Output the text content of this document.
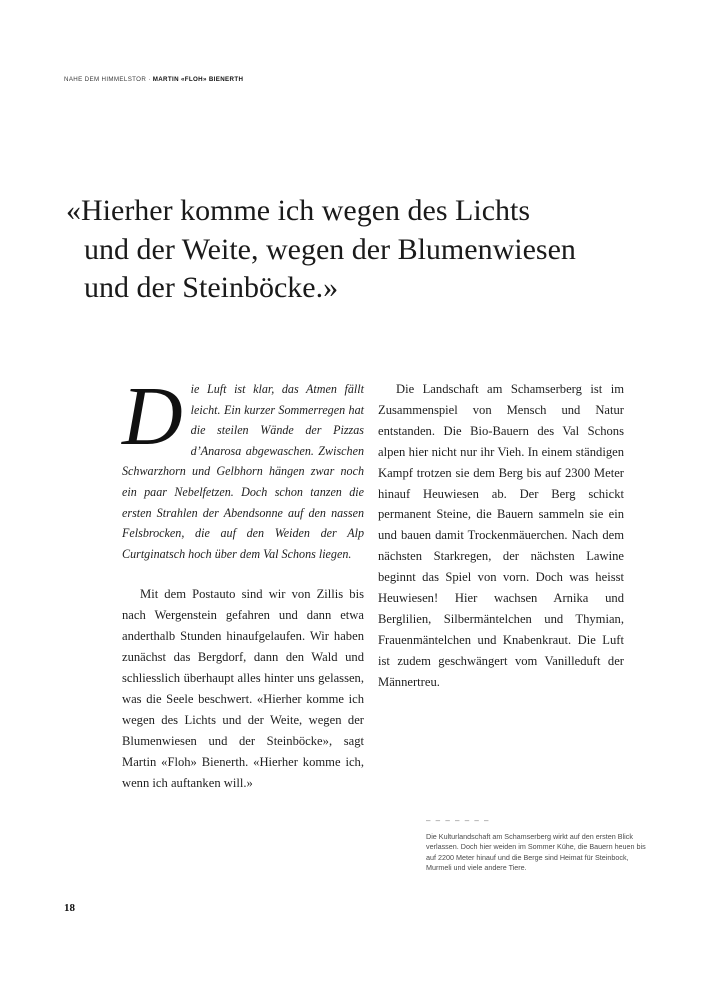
NAHE DEM HIMMELSTOR · MARTIN «FLOH» BIENERTH
«Hierher komme ich wegen des Lichts
und der Weite, wegen der Blumenwiesen
und der Steinböcke.»

Die Luft ist klar, das Atmen fällt leicht. Ein kurzer Sommerregen hat die steilen Wände der Pizzas d’Anarosa abgewaschen. Zwischen Schwarzhorn und Gelbhorn hängen zwar noch ein paar Nebelfetzen. Doch schon tanzen die ersten Strahlen der Abendsonne auf den nassen Felsbrocken, die auf den Weiden der Alp Curtginatsch hoch über dem Val Schons liegen.

Mit dem Postauto sind wir von Zillis bis nach Wergenstein gefahren und dann etwa anderthalb Stunden hinaufgelaufen. Wir haben zunächst das Bergdorf, dann den Wald und schliesslich überhaupt alles hinter uns gelassen, was die Seele beschwert. «Hierher komme ich wegen des Lichts und der Weite, wegen der Blumenwiesen und der Steinböcke», sagt Martin «Floh» Bienerth. «Hierher komme ich, wenn ich auftanken will.»

Die Landschaft am Schamserberg ist im Zusammenspiel von Mensch und Natur entstanden. Die Bio-Bauern des Val Schons alpen hier nicht nur ihr Vieh. In einem ständigen Kampf trotzen sie dem Berg bis auf 2300 Meter hinauf Heuwiesen ab. Der Berg schickt permanent Steine, die Bauern sammeln sie ein und bauen damit Trockenmäuerchen. Nach dem nächsten Starkregen, der nächsten Lawine beginnt das Spiel von vorn. Doch was heisst Heuwiesen! Hier wachsen Arnika und Berglilien, Silbermäntelchen und Thymian, Frauenmäntelchen und Knabenkraut. Die Luft ist zudem geschwängert vom Vanilleduft der Männertreu.

– – – – – – –
Die Kulturlandschaft am Schamserberg wirkt auf den ersten Blick verlassen. Doch hier weiden im Sommer Kühe, die Bauern heuen bis auf 2200 Meter hinauf und die Berge sind Heimat für Steinbock, Murmeli und viele andere Tiere.
18
